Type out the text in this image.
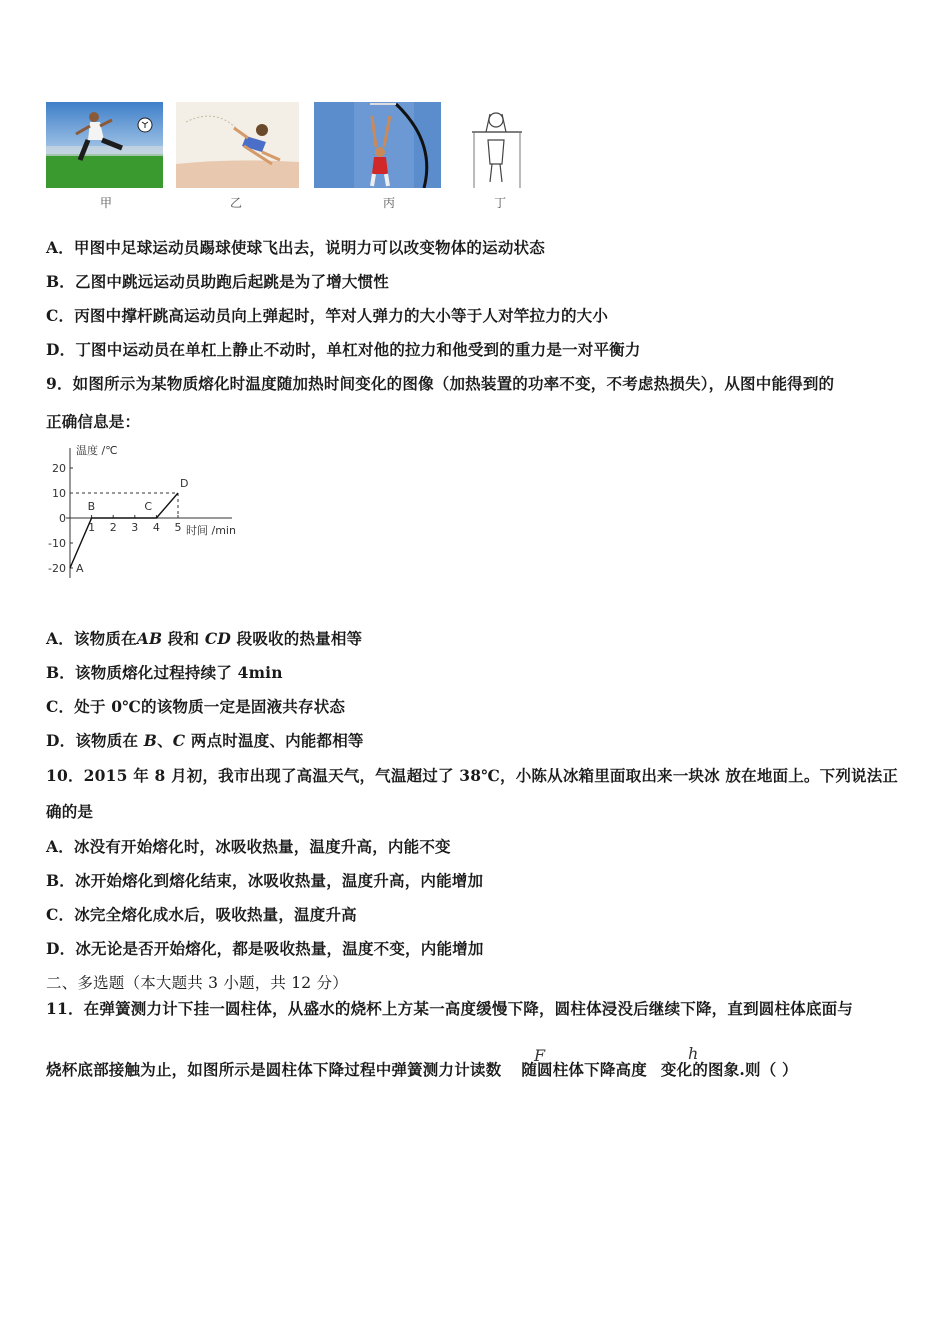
甲	乙	丙	丁
A．甲图中足球运动员踢球使球飞出去，说明力可以改变物体的运动状态
B．乙图中跳远运动员助跑后起跳是为了增大惯性
C．丙图中撑杆跳高运动员向上弹起时，竿对人弹力的大小等于人对竿拉力的大小
D．丁图中运动员在单杠上静止不动时，单杠对他的拉力和他受到的重力是一对平衡力
9．如图所示为某物质熔化时温度随加热时间变化的图像（加热装置的功率不变，不考虑热损失），从图中能得到的
正确信息是：
温度 /℃
时间 /min
20
10
0
-10
-20
1 2 3 4 5
A
B	C
D
A．该物质在AB 段和 CD 段吸收的热量相等
B．该物质熔化过程持续了 4min
C．处于 0℃的该物质一定是固液共存状态
D．该物质在 B、C 两点时温度、内能都相等
10．2015 年 8 月初，我市出现了高温天气，气温超过了 38℃，小陈从冰箱里面取出来一块冰 放在地面上。下列说法正
确的是
A．冰没有开始熔化时，冰吸收热量，温度升高，内能不变
B．冰开始熔化到熔化结束，冰吸收热量，温度升高，内能增加
C．冰完全熔化成水后，吸收热量，温度升高
D．冰无论是否开始熔化，都是吸收热量，温度不变，内能增加
二、多选题（本大题共 3 小题，共 12 分）
11．在弹簧测力计下挂一圆柱体，从盛水的烧杯上方某一高度缓慢下降，圆柱体浸没后继续下降，直到圆柱体底面与
烧杯底部接触为止，如图所示是圆柱体下降过程中弹簧测力计读数 随圆柱体下降高度 变化的图象.则（ ）
F	h
